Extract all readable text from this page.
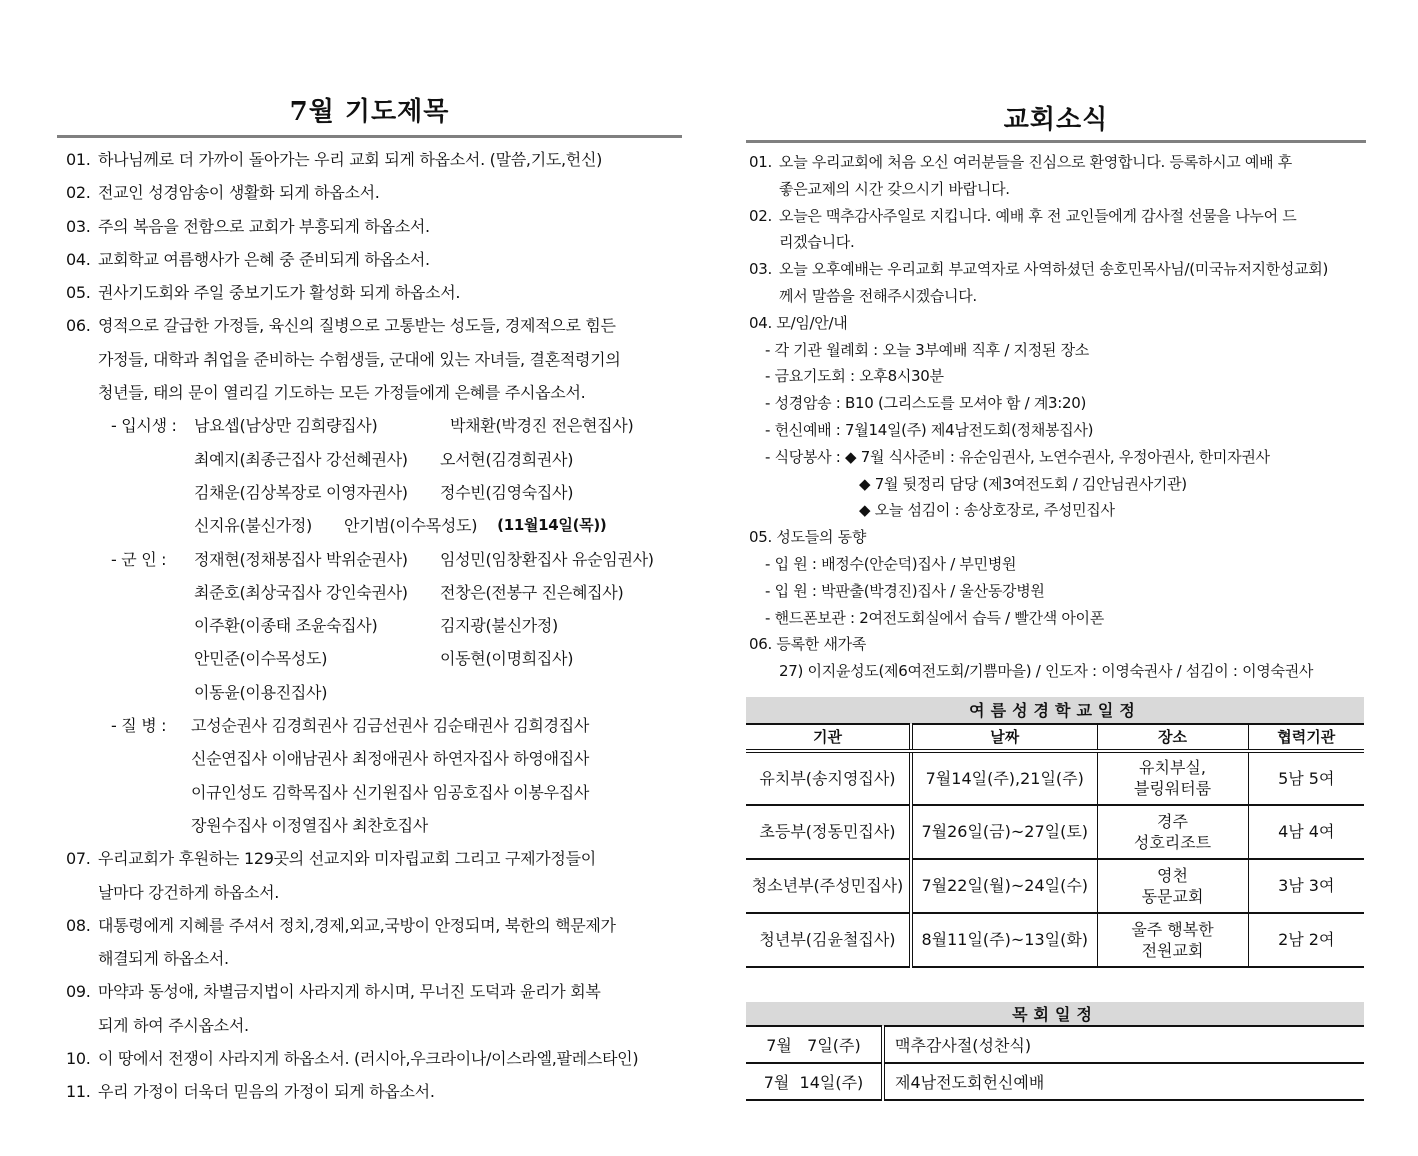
7월 기도제목
01. 하나님께로 더 가까이 돌아가는 우리 교회 되게 하옵소서. (말씀,기도,헌신)
02. 전교인 성경암송이 생활화 되게 하옵소서.
03. 주의 복음을 전함으로 교회가 부흥되게 하옵소서.
04. 교회학교 여름행사가 은혜 중 준비되게 하옵소서.
05. 권사기도회와 주일 중보기도가 활성화 되게 하옵소서.
06. 영적으로 갈급한 가정들, 육신의 질병으로 고통받는 성도들, 경제적으로 힘든
가정들, 대학과 취업을 준비하는 수험생들, 군대에 있는 자녀들, 결혼적령기의
청년들, 태의 문이 열리길 기도하는 모든 가정들에게 은혜를 주시옵소서.
- 입시생 : 남요셉(남상만 김희량집사)	박채환(박경진 전은현집사)
최예지(최종근집사 강선혜권사)	오서현(김경희권사)
김채운(김상복장로 이영자권사)	정수빈(김영숙집사)
신지유(불신가정)	안기범(이수목성도) (11월14일(목))
- 군 인 : 정재현(정채봉집사 박위순권사)	임성민(임창환집사 유순임권사)
최준호(최상국집사 강인숙권사)	전창은(전봉구 진은혜집사)
이주환(이종태 조윤숙집사)	김지광(불신가정)
안민준(이수목성도)	이동현(이명희집사)
이동윤(이용진집사)
- 질 병 : 고성순권사 김경희권사 김금선권사 김순태권사 김희경집사
신순연집사 이애남권사 최정애권사 하연자집사 하영애집사
이규인성도 김학목집사 신기원집사 임공호집사 이봉우집사
장원수집사 이정열집사 최찬호집사
07. 우리교회가 후원하는 129곳의 선교지와 미자립교회 그리고 구제가정들이
날마다 강건하게 하옵소서.
08. 대통령에게 지혜를 주셔서 정치,경제,외교,국방이 안정되며, 북한의 핵문제가
해결되게 하옵소서.
09. 마약과 동성애, 차별금지법이 사라지게 하시며, 무너진 도덕과 윤리가 회복
되게 하여 주시옵소서.
10. 이 땅에서 전쟁이 사라지게 하옵소서. (러시아,우크라이나/이스라엘,팔레스타인)
11. 우리 가정이 더욱더 믿음의 가정이 되게 하옵소서.
교회소식
01. 오늘 우리교회에 처음 오신 여러분들을 진심으로 환영합니다. 등록하시고 예배 후
좋은교제의 시간 갖으시기 바랍니다.
02. 오늘은 맥추감사주일로 지킵니다. 예배 후 전 교인들에게 감사절 선물을 나누어 드
리겠습니다.
03. 오늘 오후예배는 우리교회 부교역자로 사역하셨던 송호민목사님/(미국뉴저지한성교회)
께서 말씀을 전해주시겠습니다.
04. 모/임/안/내
- 각 기관 월례회 : 오늘 3부예배 직후 / 지정된 장소
- 금요기도회 : 오후8시30분
- 성경암송 : B10 (그리스도를 모셔야 함 / 계3:20)
- 헌신예배 : 7월14일(주) 제4남전도회(정채봉집사)
- 식당봉사 : ◆ 7월 식사준비 : 유순임권사, 노연수권사, 우정아권사, 한미자권사
◆ 7월 뒷정리 담당 (제3여전도회 / 김안님권사기관)
◆ 오늘 섬김이 : 송상호장로, 주성민집사
05. 성도들의 동향
- 입 원 : 배정수(안순덕)집사 / 부민병원
- 입 원 : 박판출(박경진)집사 / 울산동강병원
- 핸드폰보관 : 2여전도회실에서 습득 / 빨간색 아이폰
06. 등록한 새가족
27) 이지윤성도(제6여전도회/기쁨마을) / 인도자 : 이영숙권사 / 섬김이 : 이영숙권사
여름성경학교일정			
기관	날짜	장소	협력기관
유치부(송지영집사)	7월14일(주),21일(주)	유치부실,
블링워터룸	5남 5여
초등부(정동민집사)	7월26일(금)~27일(토)	경주
성호리조트	4남 4여
청소년부(주성민집사)	7월22일(월)~24일(수)	영천
동문교회	3남 3여
청년부(김윤철집사)	8월11일(주)~13일(화)	울주 행복한
전원교회	2남 2여
목회일정	
7월   7일(주)	맥추감사절(성찬식)
7월  14일(주)	제4남전도회헌신예배
